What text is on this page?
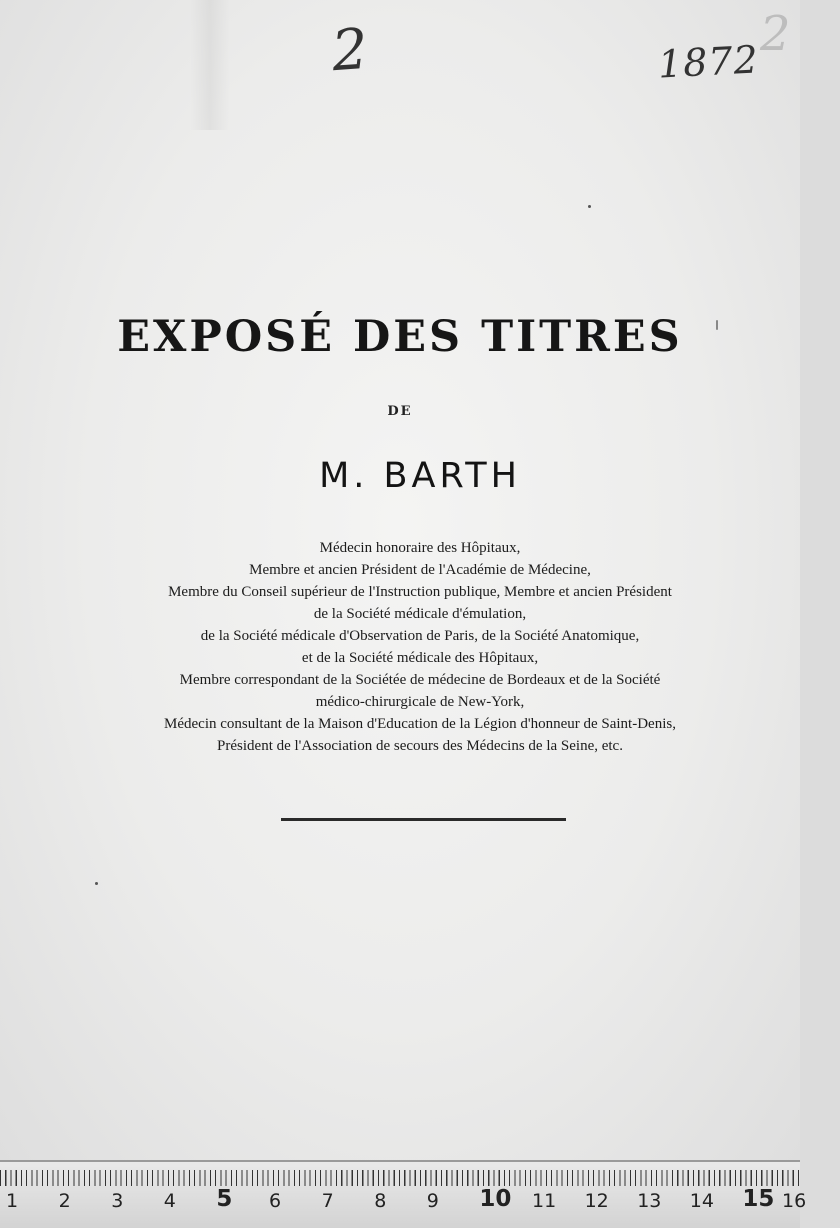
2	1872 2
EXPOSÉ DES TITRES
DE
M. BARTH
Médecin honoraire des Hôpitaux,
Membre et ancien Président de l'Académie de Médecine,
Membre du Conseil supérieur de l'Instruction publique, Membre et ancien Président
de la Société médicale d'émulation,
de la Société médicale d'Observation de Paris, de la Société Anatomique,
et de la Société médicale des Hôpitaux,
Membre correspondant de la Sociétée de médecine de Bordeaux et de la Société
médico-chirurgicale de New-York,
Médecin consultant de la Maison d'Education de la Légion d'honneur de Saint-Denis,
Président de l'Association de secours des Médecins de la Seine, etc.
1 2 3 4 5 6 7 8 9 10 11 12 13 14 15 16
